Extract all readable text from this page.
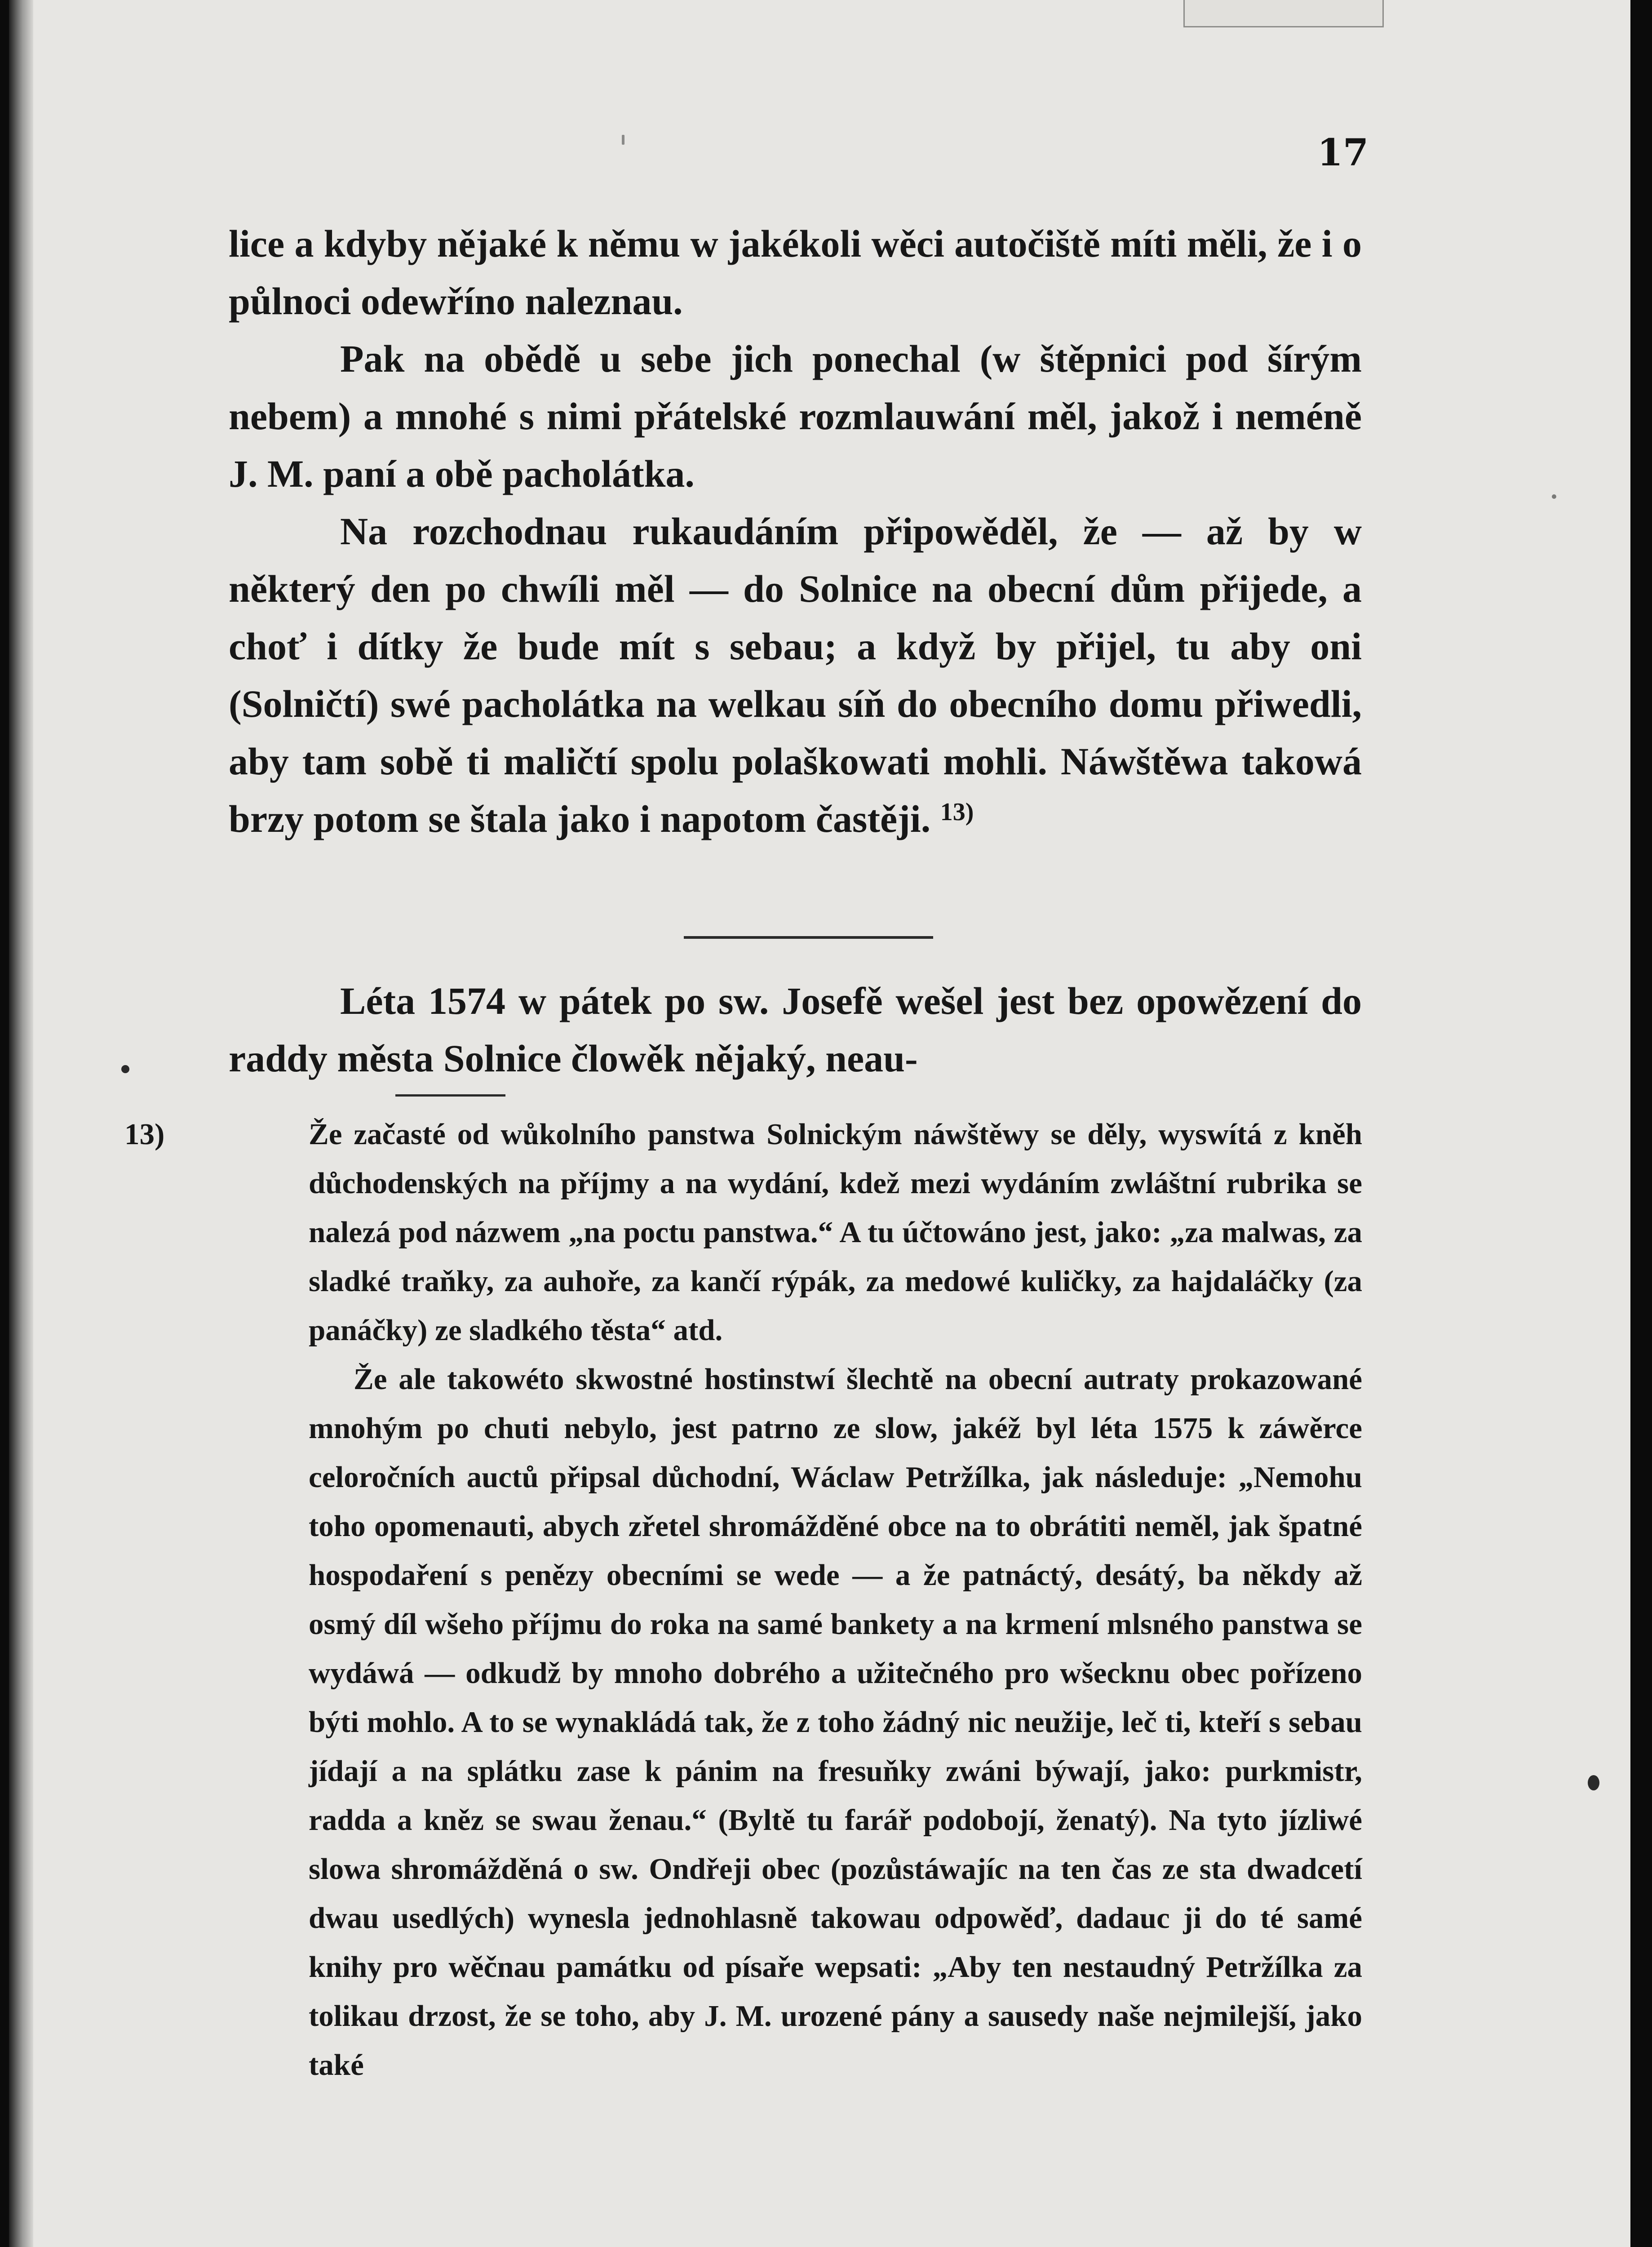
17

lice a kdyby nějaké k němu w jakékoli wěci autočiště míti měli, že i o půlnoci odewříno naleznau.

Pak na obědě u sebe jich ponechal (w štěpnici pod šírým nebem) a mnohé s nimi přátelské rozmlauwání měl, jakož i neméně J. M. paní a obě pacholátka.

Na rozchodnau rukaudáním připowěděl, že — až by w některý den po chwíli měl — do Solnice na obecní dům přijede, a choť i dítky že bude mít s sebau; a když by přijel, tu aby oni (Solničtí) swé pacholátka na welkau síň do obecního domu přiwedli, aby tam sobě ti maličtí spolu polaškowati mohli. Náwštěwa takowá brzy potom se štala jako i napotom častěji. $^{13)}$

Léta 1574 w pátek po sw. Josefě wešel jest bez opowězení do raddy města Solnice člowěk nějaký, neau-

13)	Že začasté od wůkolního panstwa Solnickým náwštěwy se děly, wyswítá z kněh důchodenských na příjmy a na wydání, kdež mezi wydáním zwláštní rubrika se nalezá pod názwem „na poctu panstwa.“ A tu účtowáno jest, jako: „za malwas, za sladké traňky, za auhoře, za kančí rýpák, za medowé kuličky, za hajdaláčky (za panáčky) ze sladkého těsta“ atd.

Že ale takowéto skwostné hostinstwí šlechtě na obecní autraty prokazowané mnohým po chuti nebylo, jest patrno ze slow, jakéž byl léta 1575 k záwěrce celoročních auctů připsal důchodní, Wáclaw Petržílka, jak následuje: „Nemohu toho opomenauti, abych zřetel shromážděné obce na to obrátiti neměl, jak špatné hospodaření s penězy obecními se wede — a že patnáctý, desátý, ba někdy až osmý díl wšeho příjmu do roka na samé bankety a na krmení mlsného panstwa se wydáwá — odkudž by mnoho dobrého a užitečného pro wšecknu obec pořízeno býti mohlo. A to se wynakládá tak, že z toho žádný nic neužije, leč ti, kteří s sebau jídají a na splátku zase k pánim na fresuňky zwáni býwají, jako: purkmistr, radda a kněz se swau ženau.“ (Byltě tu farář podobojí, ženatý). Na tyto jízliwé slowa shromážděná o sw. Ondřeji obec (pozůstáwajíc na ten čas ze sta dwadcetí dwau usedlých) wynesla jednohlasně takowau odpowěď, dadauc ji do té samé knihy pro wěčnau památku od písaře wepsati: „Aby ten nestaudný Petržílka za tolikau drzost, že se toho, aby J. M. urozené pány a sausedy naše nejmilejší, jako také
